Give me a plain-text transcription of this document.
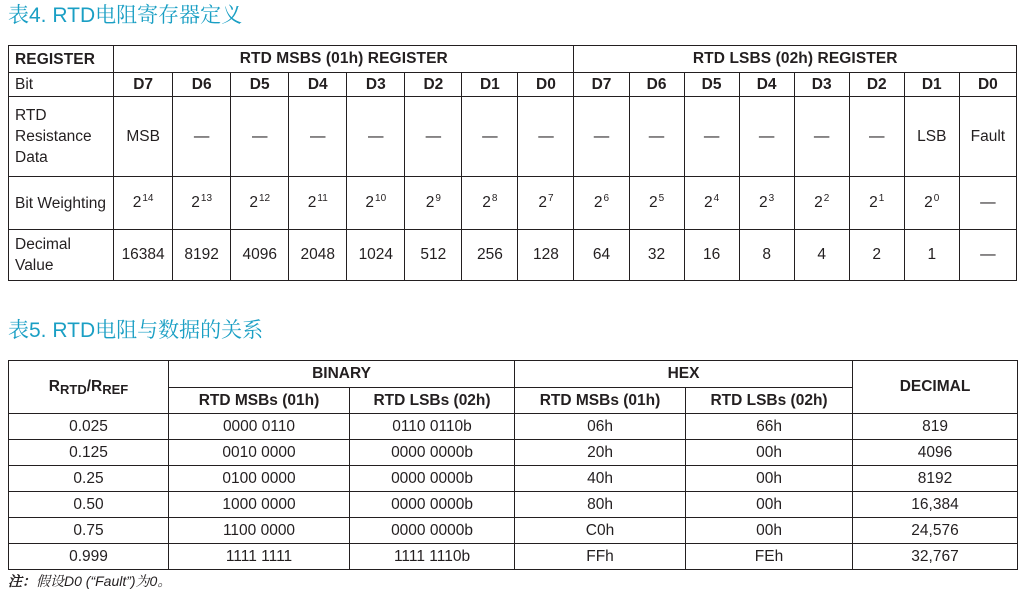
表4. RTD电阻寄存器定义
REGISTER	RTD MSBS (01h) REGISTER								RTD LSBS (02h) REGISTER							
Bit	D7	D6	D5	D4	D3	D2	D1	D0	D7	D6	D5	D4	D3	D2	D1	D0
RTD Resistance Data	MSB	—	—	—	—	—	—	—	—	—	—	—	—	—	LSB	Fault
Bit Weighting	$2^{14}$	$2^{13}$	$2^{12}$	$2^{11}$	$2^{10}$	$2^9$	$2^8$	$2^7$	$2^6$	$2^5$	$2^4$	$2^3$	$2^2$	$2^1$	$2^0$	—
Decimal Value	16384	8192	4096	2048	1024	512	256	128	64	32	16	8	4	2	1	—
表5. RTD电阻与数据的关系
$R_{RTD}/R_{REF}$	BINARY		HEX		DECIMAL
	RTD MSBs (01h)	RTD LSBs (02h)	RTD MSBs (01h)	RTD LSBs (02h)	
0.025	0000 0110	0110 0110b	06h	66h	819
0.125	0010 0000	0000 0000b	20h	00h	4096
0.25	0100 0000	0000 0000b	40h	00h	8192
0.50	1000 0000	0000 0000b	80h	00h	16,384
0.75	1100 0000	0000 0000b	C0h	00h	24,576
0.999	1111 1111	1111 1110b	FFh	FEh	32,767
注：假设D0 (“Fault”)为0。
